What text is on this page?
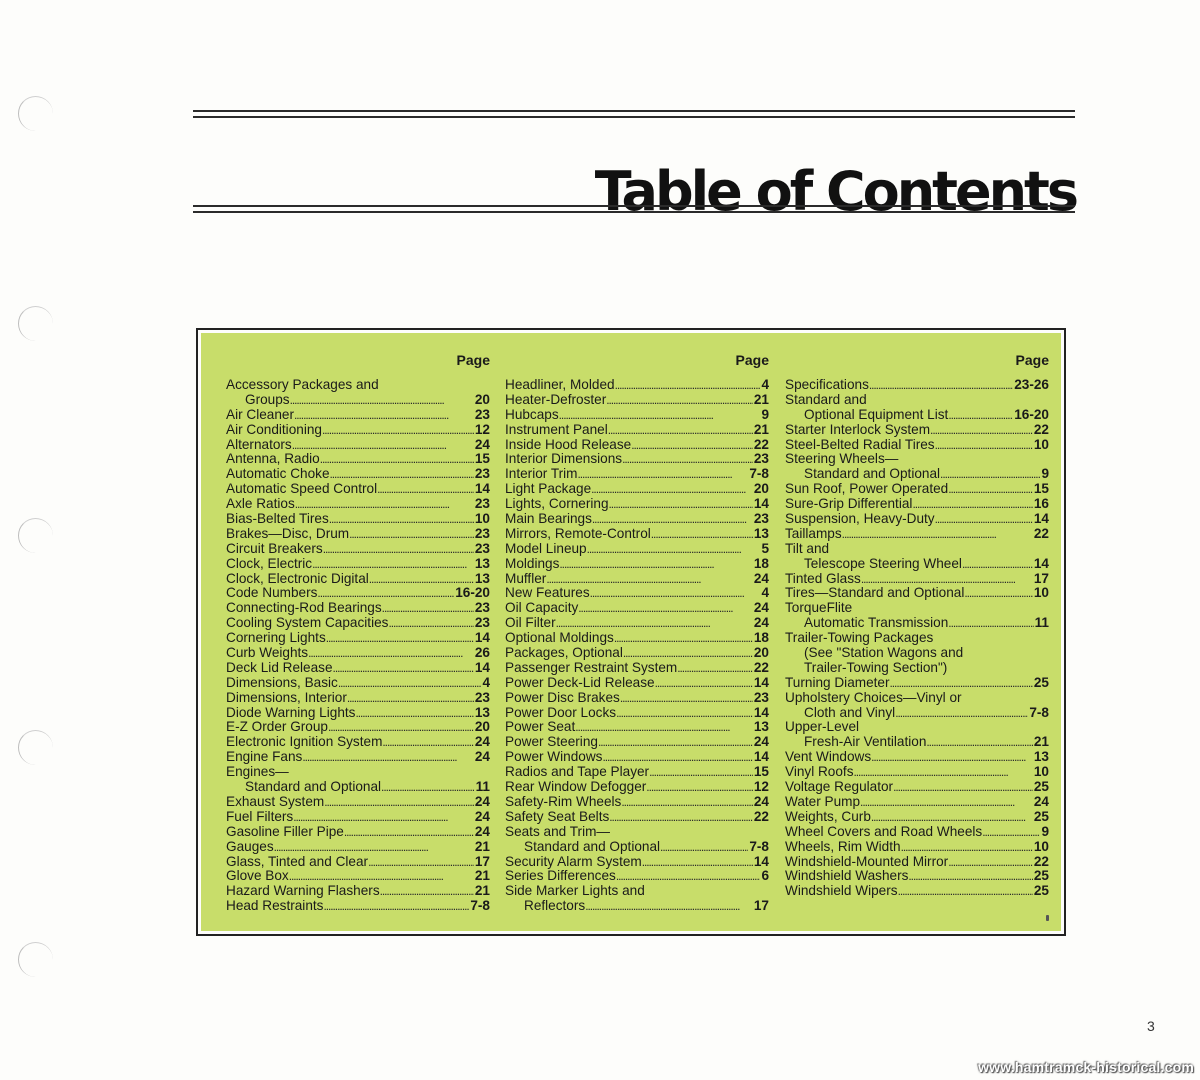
Table of Contents
Page
Accessory Packages and
Groups . . .	20
Air Cleaner . . .	23
Air Conditioning . . .	12
Alternators . . .	24
Antenna, Radio . . .	15
Automatic Choke . . .	23
Automatic Speed Control . . .	14
Axle Ratios . . .	23
Bias-Belted Tires . . .	10
Brakes—Disc, Drum . . .	23
Circuit Breakers . . .	23
Clock, Electric . . .	13
Clock, Electronic Digital . . .	13
Code Numbers . . .	16-20
Connecting-Rod Bearings . . .	23
Cooling System Capacities . . .	23
Cornering Lights . . .	14
Curb Weights . . .	26
Deck Lid Release . . .	14
Dimensions, Basic . . .	4
Dimensions, Interior . . .	23
Diode Warning Lights . . .	13
E-Z Order Group . . .	20
Electronic Ignition System . . .	24
Engine Fans . . .	24
Engines—
Standard and Optional . . .	11
Exhaust System . . .	24
Fuel Filters . . .	24
Gasoline Filler Pipe . . .	24
Gauges . . .	21
Glass, Tinted and Clear . . .	17
Glove Box . . .	21
Hazard Warning Flashers . . .	21
Head Restraints . . .	7-8
Page
Headliner, Molded . . .	4
Heater-Defroster . . .	21
Hubcaps . . .	9
Instrument Panel . . .	21
Inside Hood Release . . .	22
Interior Dimensions . . .	23
Interior Trim . . .	7-8
Light Package . . .	20
Lights, Cornering . . .	14
Main Bearings . . .	23
Mirrors, Remote-Control . . .	13
Model Lineup . . .	5
Moldings . . .	18
Muffler . . .	24
New Features . . .	4
Oil Capacity . . .	24
Oil Filter . . .	24
Optional Moldings . . .	18
Packages, Optional . . .	20
Passenger Restraint System . . .	22
Power Deck-Lid Release . . .	14
Power Disc Brakes . . .	23
Power Door Locks . . .	14
Power Seat . . .	13
Power Steering . . .	24
Power Windows . . .	14
Radios and Tape Player . . .	15
Rear Window Defogger . . .	12
Safety-Rim Wheels . . .	24
Safety Seat Belts . . .	22
Seats and Trim—
Standard and Optional . . .	7-8
Security Alarm System . . .	14
Series Differences . . .	6
Side Marker Lights and
Reflectors . . .	17
Page
Specifications . . .	23-26
Standard and
Optional Equipment List . . .	16-20
Starter Interlock System . . .	22
Steel-Belted Radial Tires . . .	10
Steering Wheels—
Standard and Optional . . .	9
Sun Roof, Power Operated . . .	15
Sure-Grip Differential . . .	16
Suspension, Heavy-Duty . . .	14
Taillamps . . .	22
Tilt and
Telescope Steering Wheel . . .	14
Tinted Glass . . .	17
Tires—Standard and Optional . . .	10
TorqueFlite
Automatic Transmission . . .	11
Trailer-Towing Packages
(See "Station Wagons and
Trailer-Towing Section")
Turning Diameter . . .	25
Upholstery Choices—Vinyl or
Cloth and Vinyl . . .	7-8
Upper-Level
Fresh-Air Ventilation . . .	21
Vent Windows . . .	13
Vinyl Roofs . . .	10
Voltage Regulator . . .	25
Water Pump . . .	24
Weights, Curb . . .	25
Wheel Covers and Road Wheels . . .	9
Wheels, Rim Width . . .	10
Windshield-Mounted Mirror . . .	22
Windshield Washers . . .	25
Windshield Wipers . . .	25
3
www.hamtramck-historical.com
